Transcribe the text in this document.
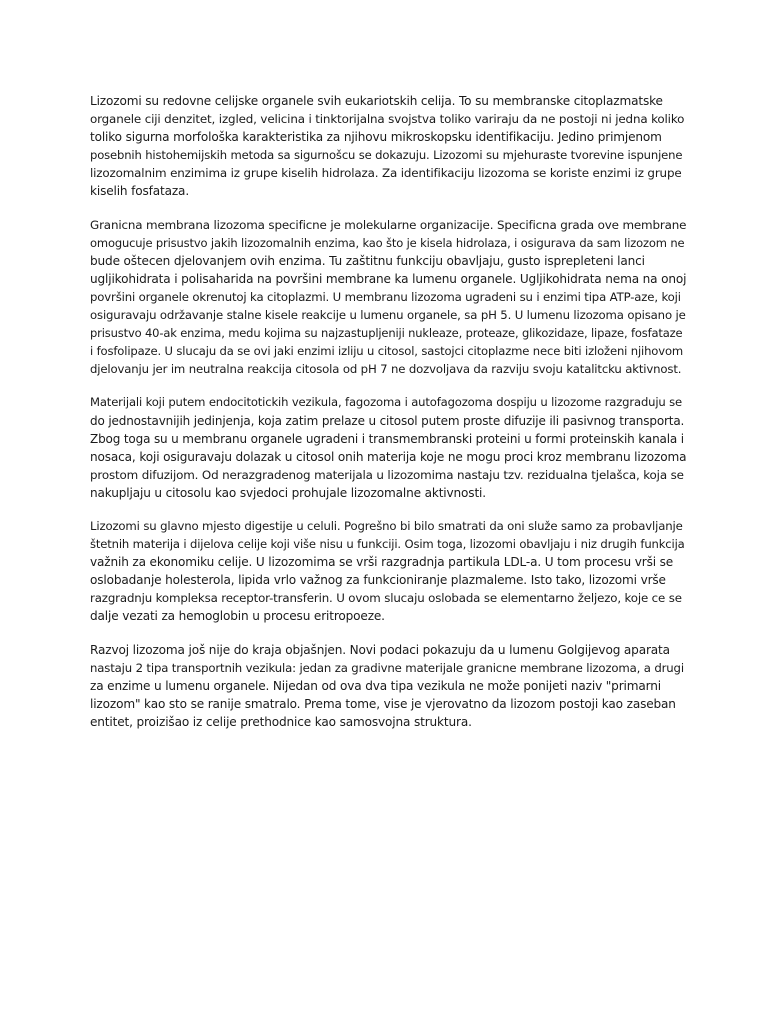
Lizozomi su redovne celijske organele svih eukariotskih celija. To su membranske citoplazmatske
organele ciji denzitet, izgled, velicina i tinktorijalna svojstva toliko variraju da ne postoji ni jedna koliko
toliko sigurna morfološka karakteristika za njihovu mikroskopsku identifikaciju. Jedino primjenom
posebnih histohemijskih metoda sa sigurnošcu se dokazuju. Lizozomi su mjehuraste tvorevine ispunjene
lizozomalnim enzimima iz grupe kiselih hidrolaza. Za identifikaciju lizozoma se koriste enzimi iz grupe
kiselih fosfataza.

Granicna membrana lizozoma specificne je molekularne organizacije. Specificna grada ove membrane
omogucuje prisustvo jakih lizozomalnih enzima, kao što je kisela hidrolaza, i osigurava da sam lizozom ne
bude oštecen djelovanjem ovih enzima. Tu zaštitnu funkciju obavljaju, gusto isprepleteni lanci
ugljikohidrata i polisaharida na površini membrane ka lumenu organele. Ugljikohidrata nema na onoj
površini organele okrenutoj ka citoplazmi. U membranu lizozoma ugradeni su i enzimi tipa ATP-aze, koji
osiguravaju održavanje stalne kisele reakcije u lumenu organele, sa pH 5. U lumenu lizozoma opisano je
prisustvo 40-ak enzima, medu kojima su najzastupljeniji nukleaze, proteaze, glikozidaze, lipaze, fosfataze
i fosfolipaze. U slucaju da se ovi jaki enzimi izliju u citosol, sastojci citoplazme nece biti izloženi njihovom
djelovanju jer im neutralna reakcija citosola od pH 7 ne dozvoljava da razviju svoju katalitcku aktivnost.

Materijali koji putem endocitotickih vezikula, fagozoma i autofagozoma dospiju u lizozome razgraduju se
do jednostavnijih jedinjenja, koja zatim prelaze u citosol putem proste difuzije ili pasivnog transporta.
Zbog toga su u membranu organele ugradeni i transmembranski proteini u formi proteinskih kanala i
nosaca, koji osiguravaju dolazak u citosol onih materija koje ne mogu proci kroz membranu lizozoma
prostom difuzijom. Od nerazgradenog materijala u lizozomima nastaju tzv. rezidualna tjelašca, koja se
nakupljaju u citosolu kao svjedoci prohujale lizozomalne aktivnosti.

Lizozomi su glavno mjesto digestije u celuli. Pogrešno bi bilo smatrati da oni služe samo za probavljanje
štetnih materija i dijelova celije koji više nisu u funkciji. Osim toga, lizozomi obavljaju i niz drugih funkcija
važnih za ekonomiku celije. U lizozomima se vrši razgradnja partikula LDL-a. U tom procesu vrši se
oslobadanje holesterola, lipida vrlo važnog za funkcioniranje plazmaleme. Isto tako, lizozomi vrše
razgradnju kompleksa receptor-transferin. U ovom slucaju oslobada se elementarno željezo, koje ce se
dalje vezati za hemoglobin u procesu eritropoeze.

Razvoj lizozoma još nije do kraja objašnjen. Novi podaci pokazuju da u lumenu Golgijevog aparata
nastaju 2 tipa transportnih vezikula: jedan za gradivne materijale granicne membrane lizozoma, a drugi
za enzime u lumenu organele. Nijedan od ova dva tipa vezikula ne može ponijeti naziv "primarni
lizozom" kao sto se ranije smatralo. Prema tome, vise je vjerovatno da lizozom postoji kao zaseban
entitet, proizišao iz celije prethodnice kao samosvojna struktura.
